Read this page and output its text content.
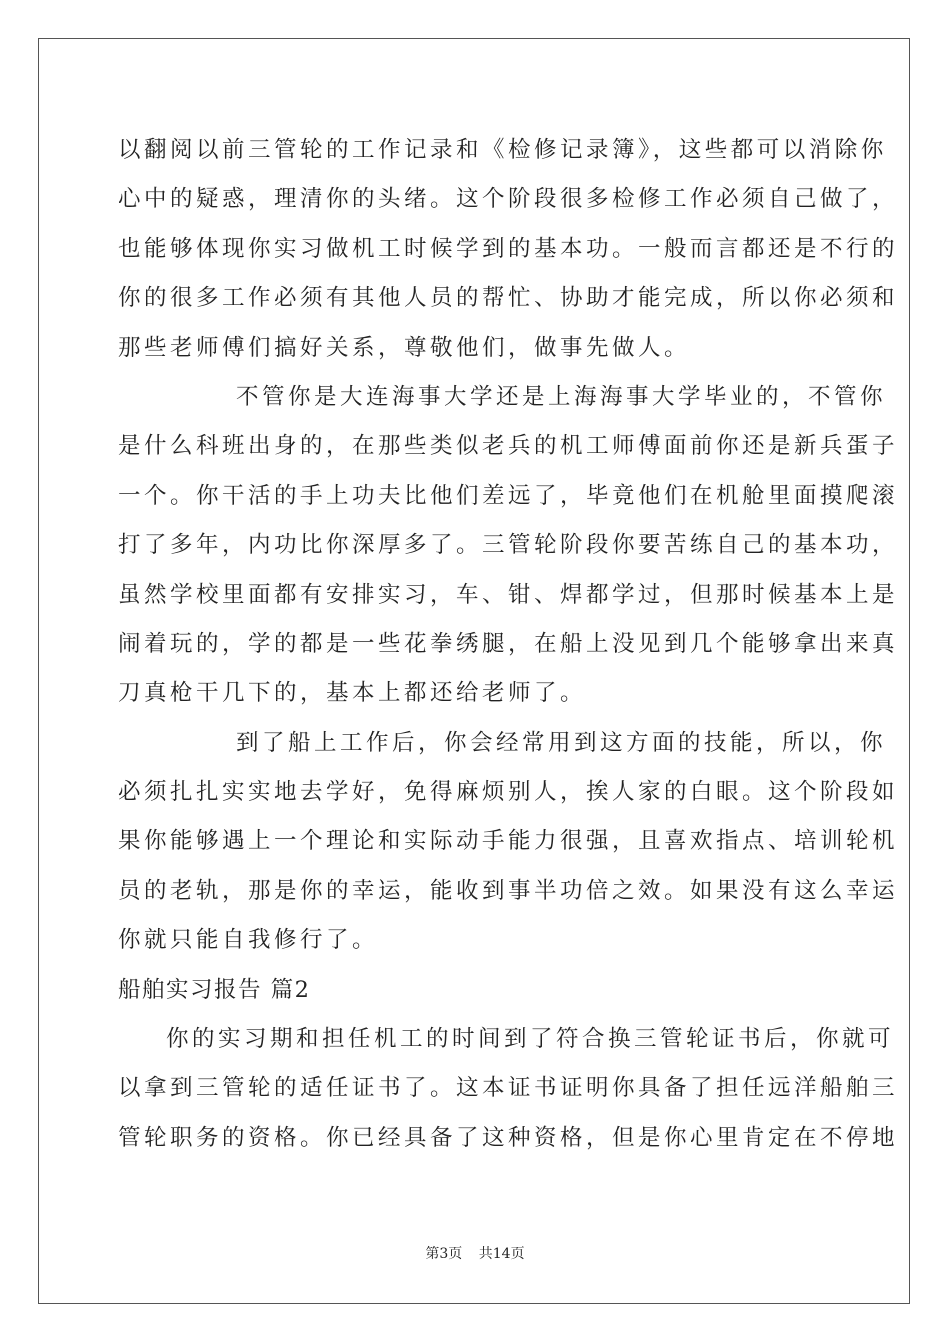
以翻阅以前三管轮的工作记录和《检修记录簿》，这些都可以消除你
心中的疑惑，理清你的头绪。这个阶段很多检修工作必须自己做了，
也能够体现你实习做机工时候学到的基本功。一般而言都还是不行的
你的很多工作必须有其他人员的帮忙、协助才能完成，所以你必须和
那些老师傅们搞好关系，尊敬他们，做事先做人。
不管你是大连海事大学还是上海海事大学毕业的，不管你
是什么科班出身的，在那些类似老兵的机工师傅面前你还是新兵蛋子
一个。你干活的手上功夫比他们差远了，毕竟他们在机舱里面摸爬滚
打了多年，内功比你深厚多了。三管轮阶段你要苦练自己的基本功，
虽然学校里面都有安排实习，车、钳、焊都学过，但那时候基本上是
闹着玩的，学的都是一些花拳绣腿，在船上没见到几个能够拿出来真
刀真枪干几下的，基本上都还给老师了。
到了船上工作后，你会经常用到这方面的技能，所以，你
必须扎扎实实地去学好，免得麻烦别人，挨人家的白眼。这个阶段如
果你能够遇上一个理论和实际动手能力很强，且喜欢指点、培训轮机
员的老轨，那是你的幸运，能收到事半功倍之效。如果没有这么幸运
你就只能自我修行了。
船舶实习报告 篇2
你的实习期和担任机工的时间到了符合换三管轮证书后，你就可
以拿到三管轮的适任证书了。这本证书证明你具备了担任远洋船舶三
管轮职务的资格。你已经具备了这种资格，但是你心里肯定在不停地
第3页 共14页
